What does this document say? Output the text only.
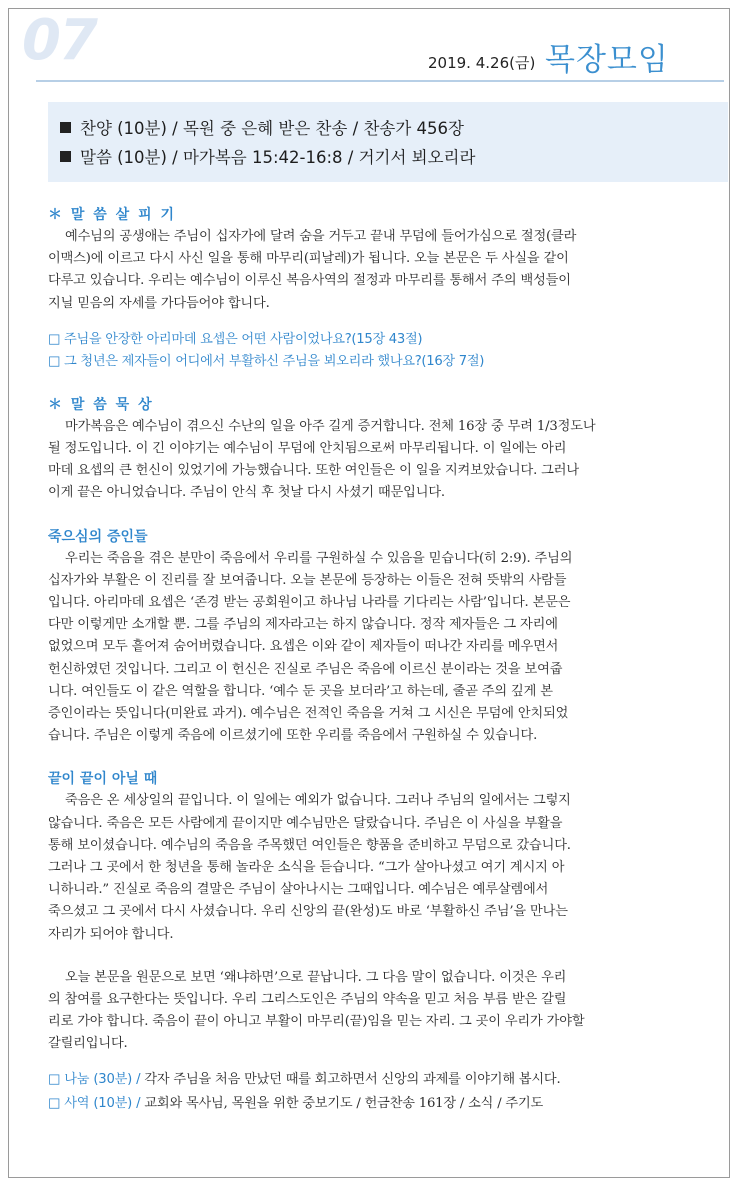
07	2019. 4.26(금) 목장모임
찬양 (10분) / 목원 중 은혜 받은 찬송 / 찬송가 456장
말씀 (10분) / 마가복음 15:42-16:8 / 거기서 뵈오리라
＊ 말 씀 살 피 기
예수님의 공생애는 주님이 십자가에 달려 숨을 거두고 끝내 무덤에 들어가심으로 절정(클라
이맥스)에 이르고 다시 사신 일을 통해 마무리(피날레)가 됩니다. 오늘 본문은 두 사실을 같이
다루고 있습니다. 우리는 예수님이 이루신 복음사역의 절정과 마무리를 통해서 주의 백성들이
지닐 믿음의 자세를 가다듬어야 합니다.
□ 주님을 안장한 아리마데 요셉은 어떤 사람이었나요?(15장 43절)
□ 그 청년은 제자들이 어디에서 부활하신 주님을 뵈오리라 했나요?(16장 7절)
＊ 말 씀 묵 상
마가복음은 예수님이 겪으신 수난의 일을 아주 길게 증거합니다. 전체 16장 중 무려 1/3정도나
될 정도입니다. 이 긴 이야기는 예수님이 무덤에 안치됨으로써 마무리됩니다. 이 일에는 아리
마데 요셉의 큰 헌신이 있었기에 가능했습니다. 또한 여인들은 이 일을 지켜보았습니다. 그러나
이게 끝은 아니었습니다. 주님이 안식 후 첫날 다시 사셨기 때문입니다.
죽으심의 증인들
우리는 죽음을 겪은 분만이 죽음에서 우리를 구원하실 수 있음을 믿습니다(히 2:9). 주님의
십자가와 부활은 이 진리를 잘 보여줍니다. 오늘 본문에 등장하는 이들은 전혀 뜻밖의 사람들
입니다. 아리마데 요셉은 ‘존경 받는 공회원이고 하나님 나라를 기다리는 사람’입니다. 본문은
다만 이렇게만 소개할 뿐. 그를 주님의 제자라고는 하지 않습니다. 정작 제자들은 그 자리에
없었으며 모두 흩어져 숨어버렸습니다. 요셉은 이와 같이 제자들이 떠나간 자리를 메우면서
헌신하였던 것입니다. 그리고 이 헌신은 진실로 주님은 죽음에 이르신 분이라는 것을 보여줍
니다. 여인들도 이 같은 역할을 합니다. ‘예수 둔 곳을 보더라’고 하는데, 줄곧 주의 깊게 본
증인이라는 뜻입니다(미완료 과거). 예수님은 전적인 죽음을 거쳐 그 시신은 무덤에 안치되었
습니다. 주님은 이렇게 죽음에 이르셨기에 또한 우리를 죽음에서 구원하실 수 있습니다.
끝이 끝이 아닐 때
죽음은 온 세상일의 끝입니다. 이 일에는 예외가 없습니다. 그러나 주님의 일에서는 그렇지
않습니다. 죽음은 모든 사람에게 끝이지만 예수님만은 달랐습니다. 주님은 이 사실을 부활을
통해 보이셨습니다. 예수님의 죽음을 주목했던 여인들은 향품을 준비하고 무덤으로 갔습니다.
그러나 그 곳에서 한 청년을 통해 놀라운 소식을 듣습니다. “그가 살아나셨고 여기 계시지 아
니하니라.” 진실로 죽음의 결말은 주님이 살아나시는 그때입니다. 예수님은 예루살렘에서
죽으셨고 그 곳에서 다시 사셨습니다. 우리 신앙의 끝(완성)도 바로 ‘부활하신 주님’을 만나는
자리가 되어야 합니다.
오늘 본문을 원문으로 보면 ‘왜냐하면’으로 끝납니다. 그 다음 말이 없습니다. 이것은 우리
의 참여를 요구한다는 뜻입니다. 우리 그리스도인은 주님의 약속을 믿고 처음 부름 받은 갈릴
리로 가야 합니다. 죽음이 끝이 아니고 부활이 마무리(끝)임을 믿는 자리. 그 곳이 우리가 가야할
갈릴리입니다.
□ 나눔 (30분) / 각자 주님을 처음 만났던 때를 회고하면서 신앙의 과제를 이야기해 봅시다.
□ 사역 (10분) / 교회와 목사님, 목원을 위한 중보기도 / 헌금찬송 161장 / 소식 / 주기도
